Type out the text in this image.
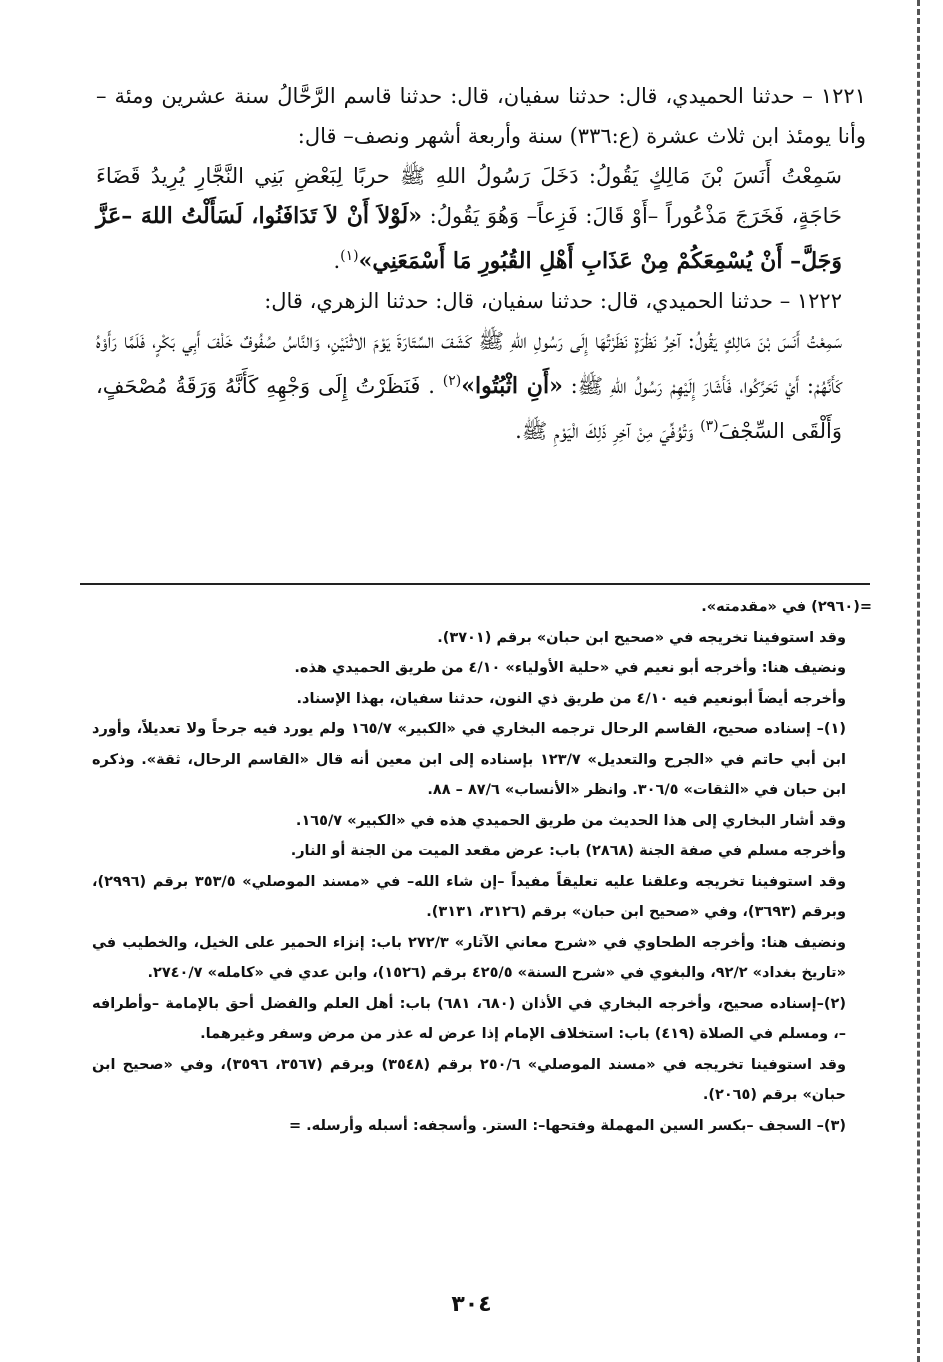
١٢٢١ – حدثنا الحميدي، قال: حدثنا سفيان، قال: حدثنا قاسم الرَّحَّالُ سنة عشرين ومئة –وأنا يومئذ ابن ثلاث عشرة (ع:٣٣٦) سنة وأربعة أشهر ونصف– قال:

سَمِعْتُ أَنَسَ بْنَ مَالِكٍ يَقُولُ: دَخَلَ رَسُولُ اللهِ ﷺ حربًا لِبَعْضِ بَنِي النَّجَّارِ يُرِيدُ قَضَاءَ حَاجَةٍ، فَخَرَجَ مَذْعُوراً –أَوْ قَالَ: فَزِعاً– وَهُوَ يَقُولُ: «لَوْلاَ أَنْ لاَ تَدَافَنُوا، لَسَأَلْتُ اللهَ –عَزَّ وَجَلَّ– أَنْ يُسْمِعَكُمْ مِنْ عَذَابِ أَهْلِ القُبُورِ مَا أَسْمَعَنِي»$^{(١)}$.

١٢٢٢ – حدثنا الحميدي، قال: حدثنا سفيان، قال: حدثنا الزهري، قال:

سَمِعْتُ أَنَسَ بْنَ مَالِكٍ يَقُولُ: آخِرُ نَظْرَةٍ نَظَرْتُهَا إِلَى رَسُولِ اللهِ ﷺ كَشَفَ السِّتَارَةَ يَوْمَ الاثْنَيْنِ، وَالنَّاسُ صُفُوفٌ خَلْفَ أَبِي بَكْرٍ، فَلَمَّا رَأَوْهُ كَأَنَّهُمْ: أَيْ تَحَرَّكُوا، فَأَشَارَ إِلَيْهِمْ رَسُولُ اللهِ ﷺ: «أَنِ اثْبُتُوا»$^{(٢)}$ . فَنَظَرْتُ إِلَى وَجْهِهِ كَأَنَّهُ وَرَقَةُ مُصْحَفٍ، وَأَلْقَى السِّجْفَ$^{(٣)}$ وَتُوُفِّيَ مِنْ آخِرِ ذَلِكَ الْيَوْمِ ﷺ.

=(٢٩٦٠) في «مقدمته».

وقد استوفينا تخريجه في «صحيح ابن حبان» برقم (٣٧٠١).

ونضيف هنا: وأخرجه أبو نعيم في «حلية الأولياء» ٤/١٠ من طريق الحميدي هذه.

وأخرجه أيضاً أبونعيم فيه ٤/١٠ من طريق ذي النون، حدثنا سفيان، بهذا الإسناد.

(١)– إسناده صحيح، القاسم الرحال ترجمه البخاري في «الكبير» ١٦٥/٧ ولم يورد فيه جرحاً ولا تعديلاً، وأورد ابن أبي حاتم في «الجرح والتعديل» ١٢٣/٧ بإسناده إلى ابن معين أنه قال «القاسم الرحال، ثقة». وذكره ابن حبان في «الثقات» ٣٠٦/٥. وانظر «الأنساب» ٨٧/٦ – ٨٨.

وقد أشار البخاري إلى هذا الحديث من طريق الحميدي هذه في «الكبير» ١٦٥/٧.

وأخرجه مسلم في صفة الجنة (٢٨٦٨) باب: عرض مقعد الميت من الجنة أو النار.

وقد استوفينا تخريجه وعلقنا عليه تعليقاً مفيداً –إن شاء الله– في «مسند الموصلي» ٣٥٣/٥ برقم (٢٩٩٦)، وبرقم (٣٦٩٣)، وفي «صحيح ابن حبان» برقم (٣١٢٦، ٣١٣١).

ونضيف هنا: وأخرجه الطحاوي في «شرح معاني الآثار» ٢٧٢/٣ باب: إنزاء الحمير على الخيل، والخطيب في «تاريخ بغداد» ٩٢/٢، والبغوي في «شرح السنة» ٤٢٥/٥ برقم (١٥٢٦)، وابن عدي في «كامله» ٢٧٤٠/٧.

(٢)–إسناده صحيح، وأخرجه البخاري في الأذان (٦٨٠، ٦٨١) باب: أهل العلم والفضل أحق بالإمامة –وأطرافه –، ومسلم في الصلاة (٤١٩) باب: استخلاف الإمام إذا عرض له عذر من مرض وسفر وغيرهما.

وقد استوفينا تخريجه في «مسند الموصلي» ٢٥٠/٦ برقم (٣٥٤٨) وبرقم (٣٥٦٧، ٣٥٩٦)، وفي «صحيح ابن حبان» برقم (٢٠٦٥).

(٣)– السجف –بكسر السين المهملة وفتحها–: الستر. وأسجفه: أسبله وأرسله. =

٣٠٤
